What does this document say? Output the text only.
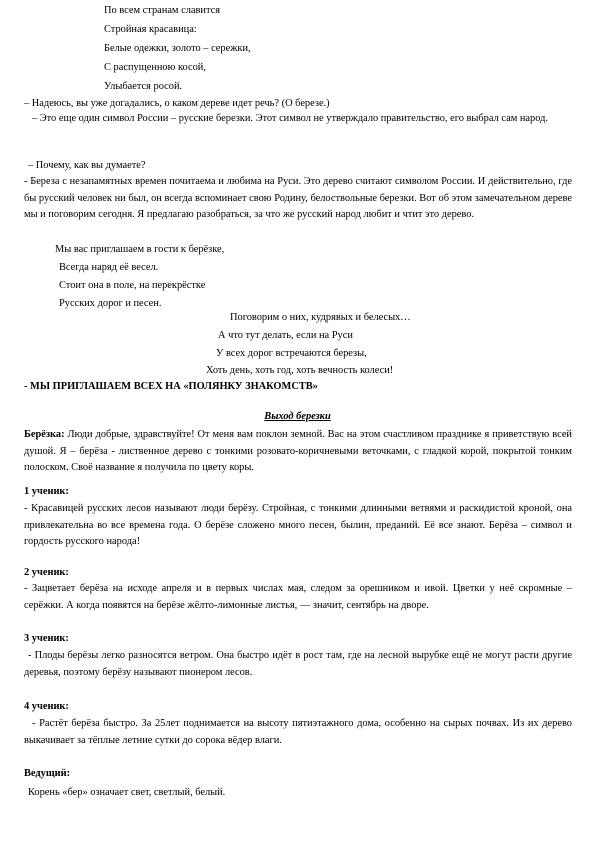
По всем странам славится
Стройная красавица:
Белые одежки, золото – сережки,
С распущенною косой,
Улыбается росой.
– Надеюсь, вы уже догадались, о каком дереве идет речь? (О березе.)
– Это еще один символ России – русские березки. Этот символ не утверждало правительство, его выбрал сам народ.
– Почему, как вы думаете?
- Береза с незапамятных времен почитаема и любима на Руси. Это дерево считают символом России. И действительно, где бы русский человек ни был, он всегда вспоминает свою Родину, белоствольные березки. Вот об этом замечательном дереве мы и поговорим сегодня. Я предлагаю разобраться, за что же русский народ любит и чтит это дерево.
Мы вас приглашаем в гости к берёзке,
Всегда наряд её весел.
Стоит она в поле, на перекрёстке
Русских дорог и песен.
Поговорим о них, кудрявых и белесых…
А что тут делать, если на Руси
У всех дорог встречаются березы,
Хоть день, хоть год, хоть вечность колеси!
- МЫ ПРИГЛАШАЕМ ВСЕХ НА «ПОЛЯНКУ ЗНАКОМСТВ»
Выход березки
Берёзка: Люди добрые, здравствуйте! От меня вам поклон земной. Вас на этом счастливом празднике я приветствую всей душой. Я – берёза - лиственное дерево с тонкими розовато-коричневыми веточками, с гладкой корой, покрытой тонким полоском. Своё название я получила по цвету коры.
1 ученик:
- Красавицей русских лесов называют люди берёзу. Стройная, с тонкими длинными ветвями и раскидистой кроной, она привлекательна во все времена года. О берёзе сложено много песен, былин, преданий. Её все знают. Берёза – символ и гордость русского народа!
2 ученик:
- Зацветает берёза на исходе апреля и в первых числах мая, следом за орешником и ивой. Цветки у неё скромные – серёжки. А когда появятся на берёзе жёлто-лимонные листья, — значит, сентябрь на дворе.
3 ученик:
- Плоды берёзы легко разносятся ветром. Она быстро идёт в рост там, где на лесной вырубке ещё не могут расти другие деревья, поэтому берёзу называют пионером лесов.
4 ученик:
- Растёт берёза быстро. За 25лет поднимается на высоту пятиэтажного дома, особенно на сырых почвах. Из их дерево выкачивает за тёплые летние сутки до сорока вёдер влаги.
Ведущий:
Корень «бер» означает свет, светлый, белый.
